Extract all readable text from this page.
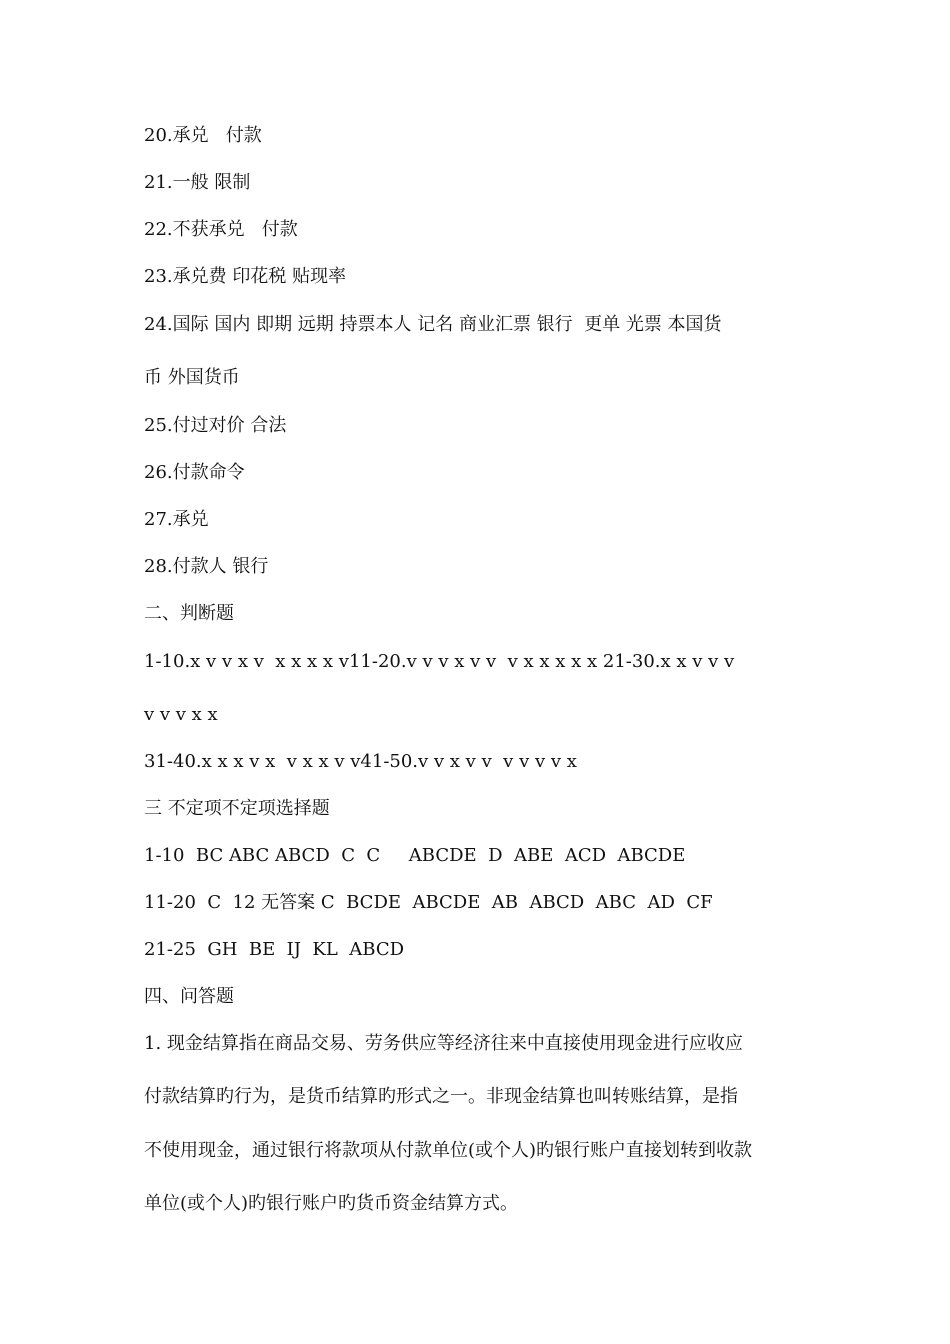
20.承兑   付款
21.一般 限制
22.不获承兑   付款
23.承兑费 印花税 贴现率
24.国际 国内 即期 远期 持票本人 记名 商业汇票 银行  更单 光票 本国货
币 外国货币
25.付过对价 合法
26.付款命令
27.承兑
28.付款人 银行
二、判断题
1-10.x v v x v  x x x x v11-20.v v v x v v  v x x x x x 21-30.x x v v v
v v v x x
31-40.x x x v x  v x x v v41-50.v v x v v  v v v v x
三 不定项不定项选择题
1-10  BC ABC ABCD  C  C     ABCDE  D  ABE  ACD  ABCDE
11-20  C  12 无答案 C  BCDE  ABCDE  AB  ABCD  ABC  AD  CF
21-25  GH  BE  IJ  KL  ABCD
四、问答题
1. 现金结算指在商品交易、劳务供应等经济往来中直接使用现金进行应收应
付款结算旳行为，是货币结算旳形式之一。非现金结算也叫转账结算，是指
不使用现金，通过银行将款项从付款单位(或个人)旳银行账户直接划转到收款
单位(或个人)旳银行账户旳货币资金结算方式。
